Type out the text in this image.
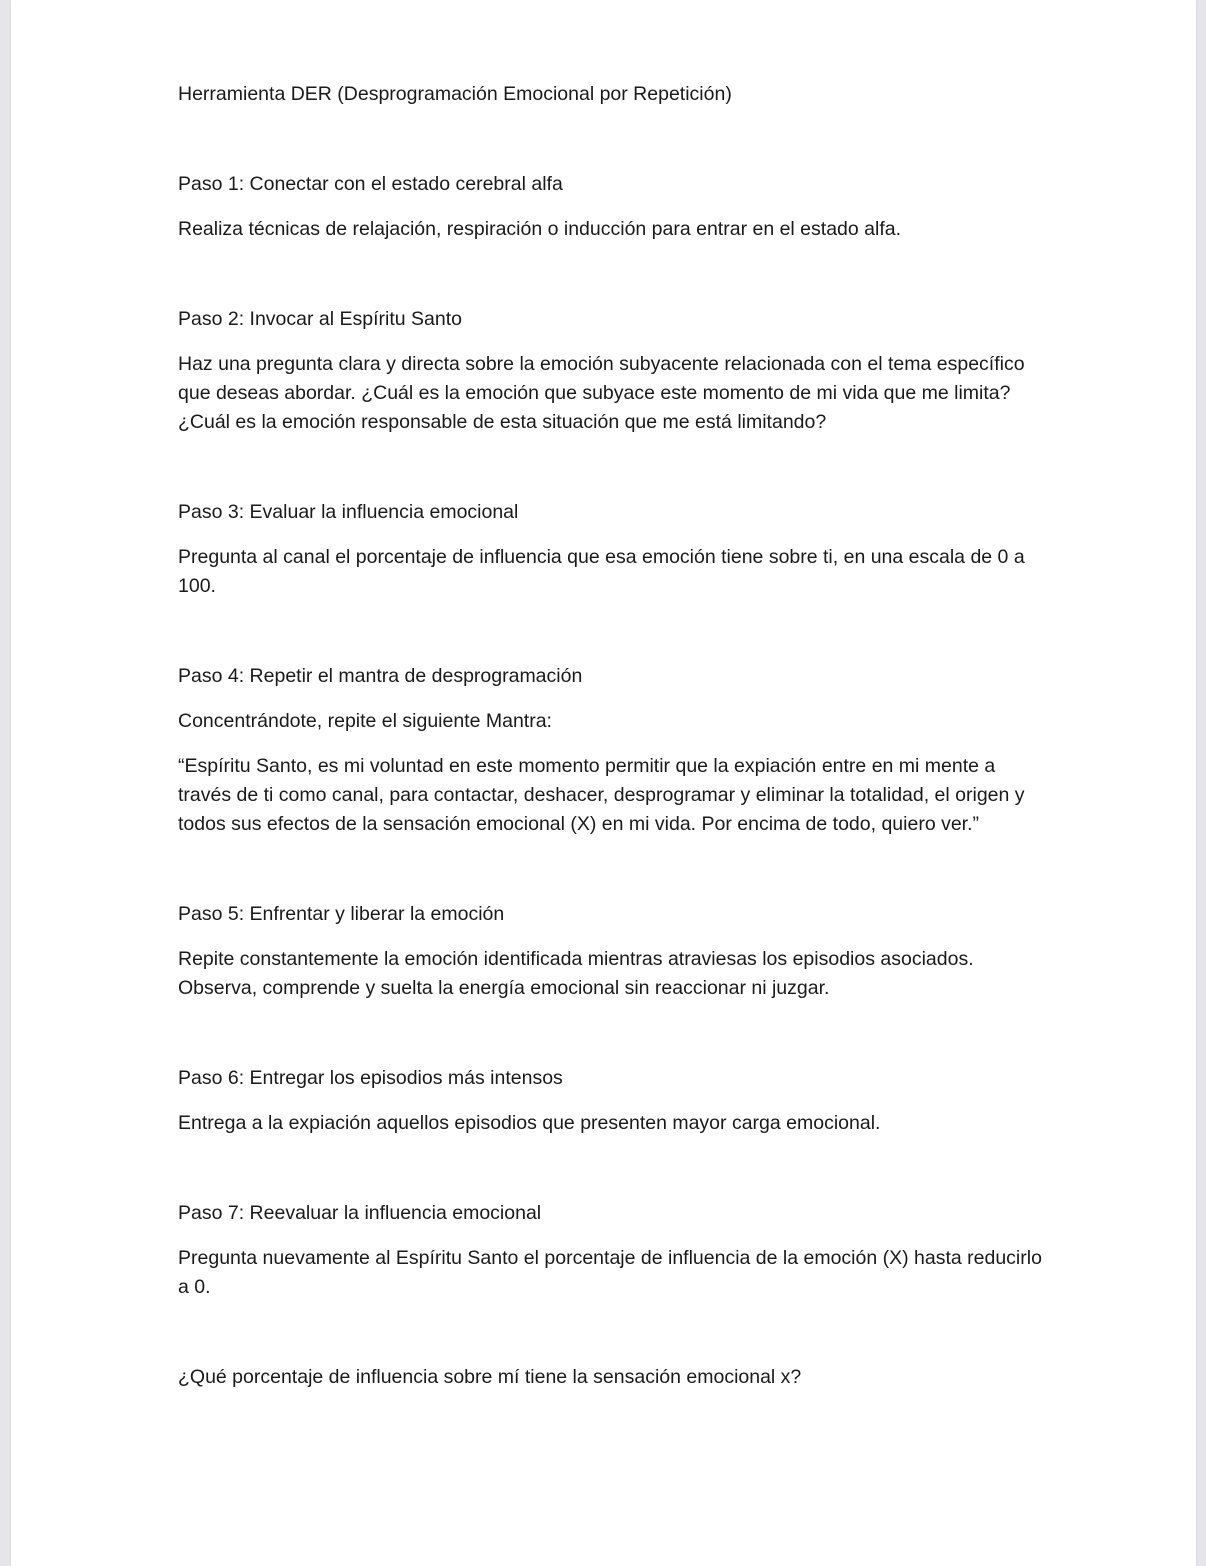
Herramienta DER (Desprogramación Emocional por Repetición)

Paso 1: Conectar con el estado cerebral alfa

Realiza técnicas de relajación, respiración o inducción para entrar en el estado alfa.

Paso 2: Invocar al Espíritu Santo

Haz una pregunta clara y directa sobre la emoción subyacente relacionada con el tema específico que deseas abordar. ¿Cuál es la emoción que subyace este momento de mi vida que me limita? ¿Cuál es la emoción responsable de esta situación que me está limitando?

Paso 3: Evaluar la influencia emocional

Pregunta al canal el porcentaje de influencia que esa emoción tiene sobre ti, en una escala de 0 a 100.

Paso 4: Repetir el mantra de desprogramación

Concentrándote, repite el siguiente Mantra:

“Espíritu Santo, es mi voluntad en este momento permitir que la expiación entre en mi mente a través de ti como canal, para contactar, deshacer, desprogramar y eliminar la totalidad, el origen y todos sus efectos de la sensación emocional (X) en mi vida. Por encima de todo, quiero ver.”

Paso 5: Enfrentar y liberar la emoción

Repite constantemente la emoción identificada mientras atraviesas los episodios asociados. Observa, comprende y suelta la energía emocional sin reaccionar ni juzgar.

Paso 6: Entregar los episodios más intensos

Entrega a la expiación aquellos episodios que presenten mayor carga emocional.

Paso 7: Reevaluar la influencia emocional

Pregunta nuevamente al Espíritu Santo el porcentaje de influencia de la emoción (X) hasta reducirlo a 0.

¿Qué porcentaje de influencia sobre mí tiene la sensación emocional x?
